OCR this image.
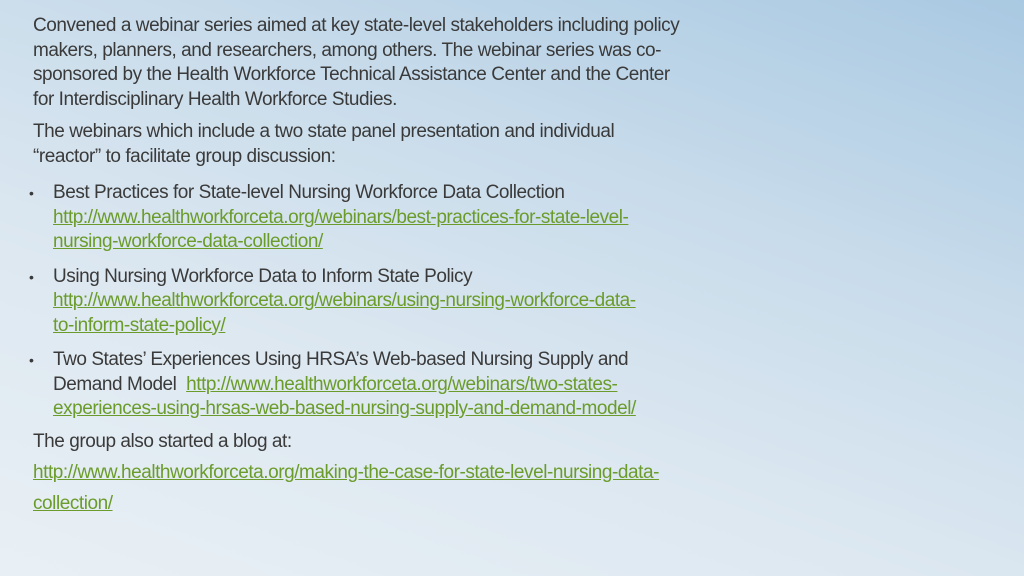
Convened a webinar series aimed at key state-level stakeholders including policy
makers, planners, and researchers, among others. The webinar series was co-
sponsored by the Health Workforce Technical Assistance Center and the Center
for Interdisciplinary Health Workforce Studies.
The webinars which include a two state panel presentation and individual
“reactor” to facilitate group discussion:
• Best Practices for State-level Nursing Workforce Data Collection
http://www.healthworkforceta.org/webinars/best-practices-for-state-level-
nursing-workforce-data-collection/
• Using Nursing Workforce Data to Inform State Policy
http://www.healthworkforceta.org/webinars/using-nursing-workforce-data-
to-inform-state-policy/
• Two States’ Experiences Using HRSA’s Web-based Nursing Supply and
Demand Model http://www.healthworkforceta.org/webinars/two-states-
experiences-using-hrsas-web-based-nursing-supply-and-demand-model/
The group also started a blog at:
http://www.healthworkforceta.org/making-the-case-for-state-level-nursing-data-
collection/
